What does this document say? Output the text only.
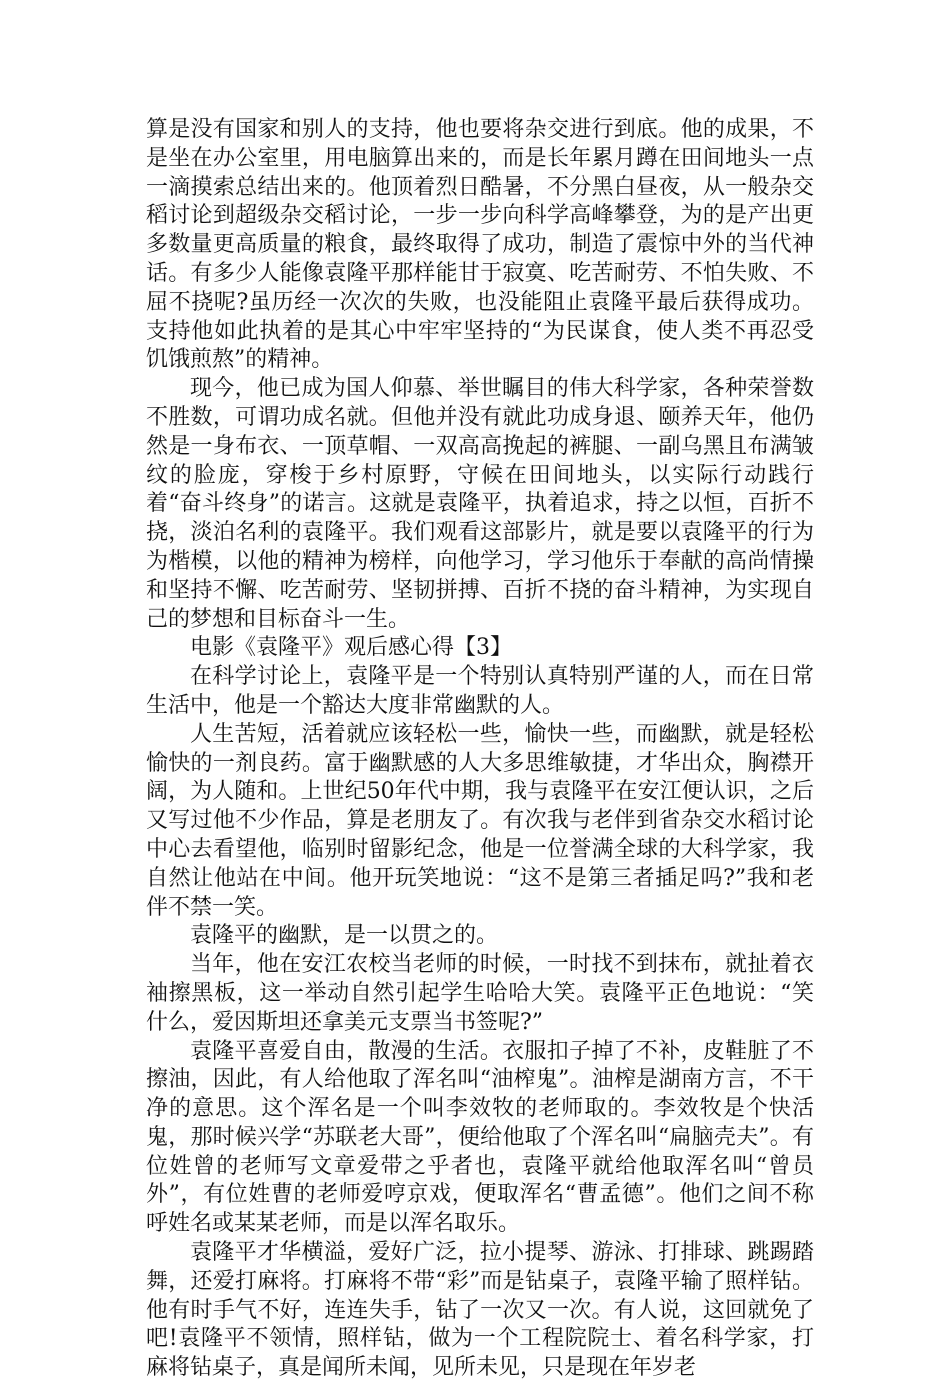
算是没有国家和别人的支持，他也要将杂交进行到底。他的成果，不是坐在办公室里，用电脑算出来的，而是长年累月蹲在田间地头一点一滴摸索总结出来的。他顶着烈日酷暑，不分黑白昼夜，从一般杂交稻讨论到超级杂交稻讨论，一步一步向科学高峰攀登，为的是产出更多数量更高质量的粮食，最终取得了成功，制造了震惊中外的当代神话。有多少人能像袁隆平那样能甘于寂寞、吃苦耐劳、不怕失败、不屈不挠呢?虽历经一次次的失败，也没能阻止袁隆平最后获得成功。支持他如此执着的是其心中牢牢坚持的“为民谋食，使人类不再忍受饥饿煎熬”的精神。

现今，他已成为国人仰慕、举世瞩目的伟大科学家，各种荣誉数不胜数，可谓功成名就。但他并没有就此功成身退、颐养天年，他仍然是一身布衣、一顶草帽、一双高高挽起的裤腿、一副乌黑且布满皱纹的脸庞，穿梭于乡村原野，守候在田间地头，以实际行动践行着“奋斗终身”的诺言。这就是袁隆平，执着追求，持之以恒，百折不挠，淡泊名利的袁隆平。我们观看这部影片，就是要以袁隆平的行为为楷模，以他的精神为榜样，向他学习，学习他乐于奉献的高尚情操和坚持不懈、吃苦耐劳、坚韧拼搏、百折不挠的奋斗精神，为实现自己的梦想和目标奋斗一生。

电影《袁隆平》观后感心得【3】

在科学讨论上，袁隆平是一个特别认真特别严谨的人，而在日常生活中，他是一个豁达大度非常幽默的人。

人生苦短，活着就应该轻松一些，愉快一些，而幽默，就是轻松愉快的一剂良药。富于幽默感的人大多思维敏捷，才华出众，胸襟开阔，为人随和。上世纪50年代中期，我与袁隆平在安江便认识，之后又写过他不少作品，算是老朋友了。有次我与老伴到省杂交水稻讨论中心去看望他，临别时留影纪念，他是一位誉满全球的大科学家，我自然让他站在中间。他开玩笑地说：“这不是第三者插足吗?”我和老伴不禁一笑。

袁隆平的幽默，是一以贯之的。

当年，他在安江农校当老师的时候，一时找不到抹布，就扯着衣袖擦黑板，这一举动自然引起学生哈哈大笑。袁隆平正色地说：“笑什么，爱因斯坦还拿美元支票当书签呢?”

袁隆平喜爱自由，散漫的生活。衣服扣子掉了不补，皮鞋脏了不擦油，因此，有人给他取了浑名叫“油榨鬼”。油榨是湖南方言，不干净的意思。这个浑名是一个叫李效牧的老师取的。李效牧是个快活鬼，那时候兴学“苏联老大哥”，便给他取了个浑名叫“扁脑壳夫”。有位姓曾的老师写文章爱带之乎者也，袁隆平就给他取浑名叫“曾员外”，有位姓曹的老师爱哼京戏，便取浑名“曹孟德”。他们之间不称呼姓名或某某老师，而是以浑名取乐。

袁隆平才华横溢，爱好广泛，拉小提琴、游泳、打排球、跳踢踏舞，还爱打麻将。打麻将不带“彩”而是钻桌子，袁隆平输了照样钻。他有时手气不好，连连失手，钻了一次又一次。有人说，这回就免了吧!袁隆平不领情，照样钻，做为一个工程院院士、着名科学家，打麻将钻桌子，真是闻所未闻，见所未见，只是现在年岁老
